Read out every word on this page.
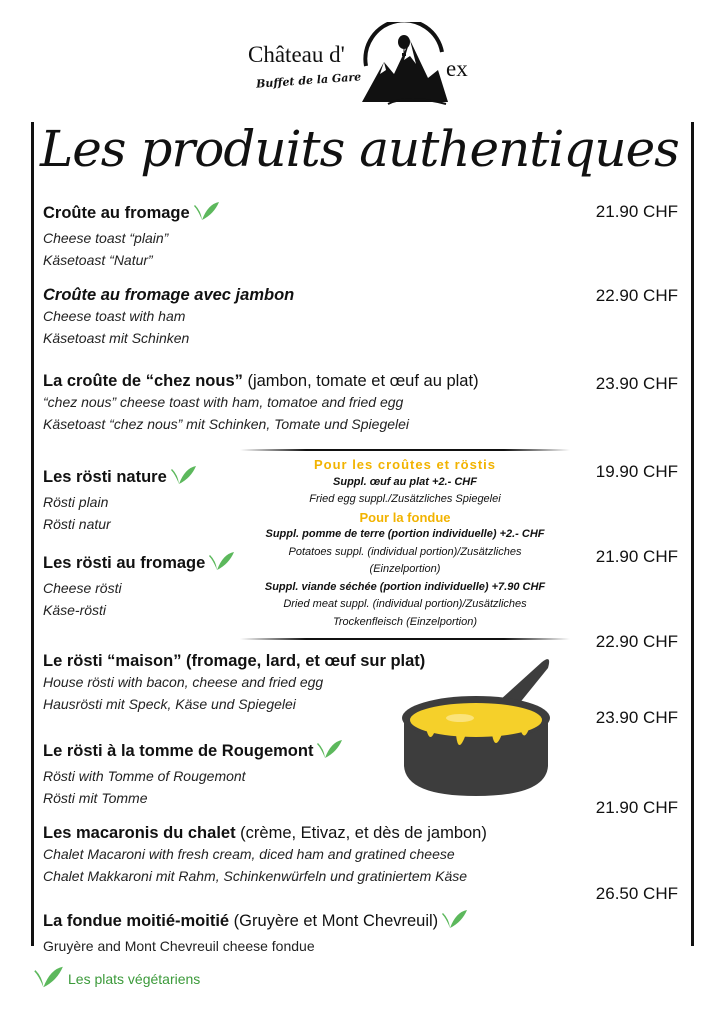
Château d'
Buffet de la Gare	ex
Les produits authentiques
Croûte au fromage
Cheese toast “plain”
Käsetoast “Natur”
21.90 CHF
Croûte au fromage avec jambon
Cheese toast with ham
Käsetoast mit Schinken
22.90 CHF
La croûte de “chez nous” (jambon, tomate et œuf au plat)
“chez nous” cheese toast with ham, tomatoe and fried egg
Käsetoast “chez nous” mit Schinken, Tomate und Spiegelei
23.90 CHF
Les rösti nature
Rösti plain
Rösti natur
19.90 CHF
Les rösti au fromage
Cheese rösti
Käse-rösti
21.90 CHF
Pour les croûtes et röstis
Suppl. œuf au plat +2.- CHF
Fried egg suppl./Zusätzliches Spiegelei
Pour la fondue
Suppl. pomme de terre (portion individuelle) +2.- CHF
Potatoes suppl. (individual portion)/Zusätzliches
(Einzelportion)
Suppl. viande séchée (portion individuelle) +7.90 CHF
Dried meat suppl. (individual portion)/Zusätzliches
Trockenfleisch (Einzelportion)
Le rösti “maison” (fromage, lard, et œuf sur plat)
House rösti with bacon, cheese and fried egg
Hausrösti mit Speck, Käse und Spiegelei
22.90 CHF
Le rösti à la tomme de Rougemont
Rösti with Tomme of Rougemont
Rösti mit Tomme
23.90 CHF
Les macaronis du chalet (crème, Etivaz, et dès de jambon)
Chalet Macaroni with fresh cream, diced ham and gratined cheese
Chalet Makkaroni mit Rahm, Schinkenwürfeln und gratiniertem Käse
21.90 CHF
La fondue moitié-moitié (Gruyère et Mont Chevreuil)
Gruyère and Mont Chevreuil cheese fondue
26.50 CHF
Les plats végétariens
